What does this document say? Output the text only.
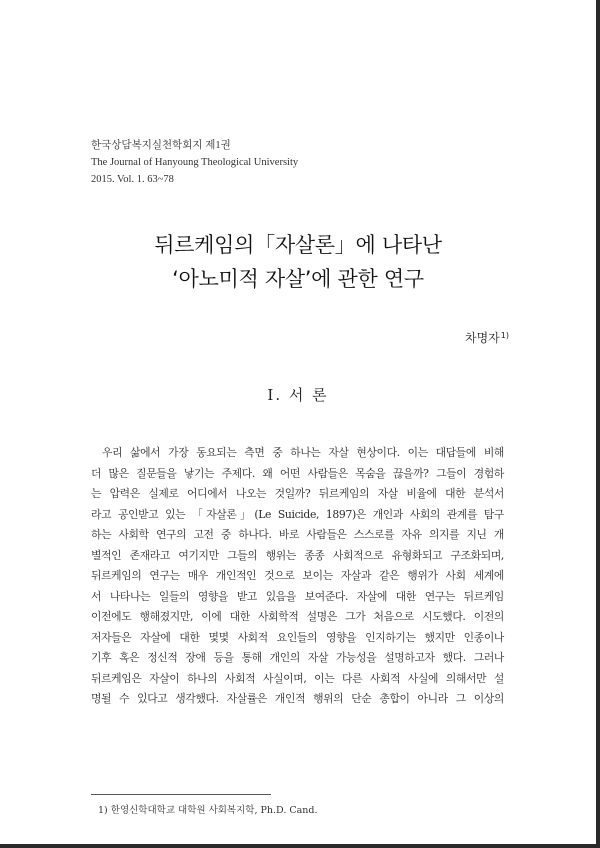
한국상담복지실천학회지 제1권
The Journal of Hanyoung Theological University
2015. Vol. 1. 63~78
뒤르케임의「자살론」에 나타난
‘아노미적 자살’에 관한 연구
차명자$^{1)}$
Ⅰ. 서 론
우리 삶에서 가장 동요되는 측면 중 하나는 자살 현상이다. 이는 대답들에 비해
더 많은 질문들을 낳기는 주제다. 왜 어떤 사람들은 목숨을 끊을까? 그들이 경험하
는 압력은 실제로 어디에서 나오는 것일까? 뒤르케임의 자살 비율에 대한 분석서
라고 공인받고 있는 「자살론」(Le Suicide, 1897)은 개인과 사회의 관계를 탐구
하는 사회학 연구의 고전 중 하나다. 바로 사람들은 스스로를 자유 의지를 지닌 개
별적인 존재라고 여기지만 그들의 행위는 종종 사회적으로 유형화되고 구조화되며,
뒤르케임의 연구는 매우 개인적인 것으로 보이는 자살과 같은 행위가 사회 세계에
서 나타나는 일들의 영향을 받고 있음을 보여준다. 자살에 대한 연구는 뒤르케임
이전에도 행해졌지만, 이에 대한 사회학적 설명은 그가 처음으로 시도했다. 이전의
저자들은 자살에 대한 몇몇 사회적 요인들의 영향을 인지하기는 했지만 인종이나
기후 혹은 정신적 장애 등을 통해 개인의 자살 가능성을 설명하고자 했다. 그러나
뒤르케임은 자살이 하나의 사회적 사실이며, 이는 다른 사회적 사실에 의해서만 설
명될 수 있다고 생각했다. 자살률은 개인적 행위의 단순 총합이 아니라 그 이상의
1) 한영신학대학교 대학원 사회복지학, Ph.D. Cand.
